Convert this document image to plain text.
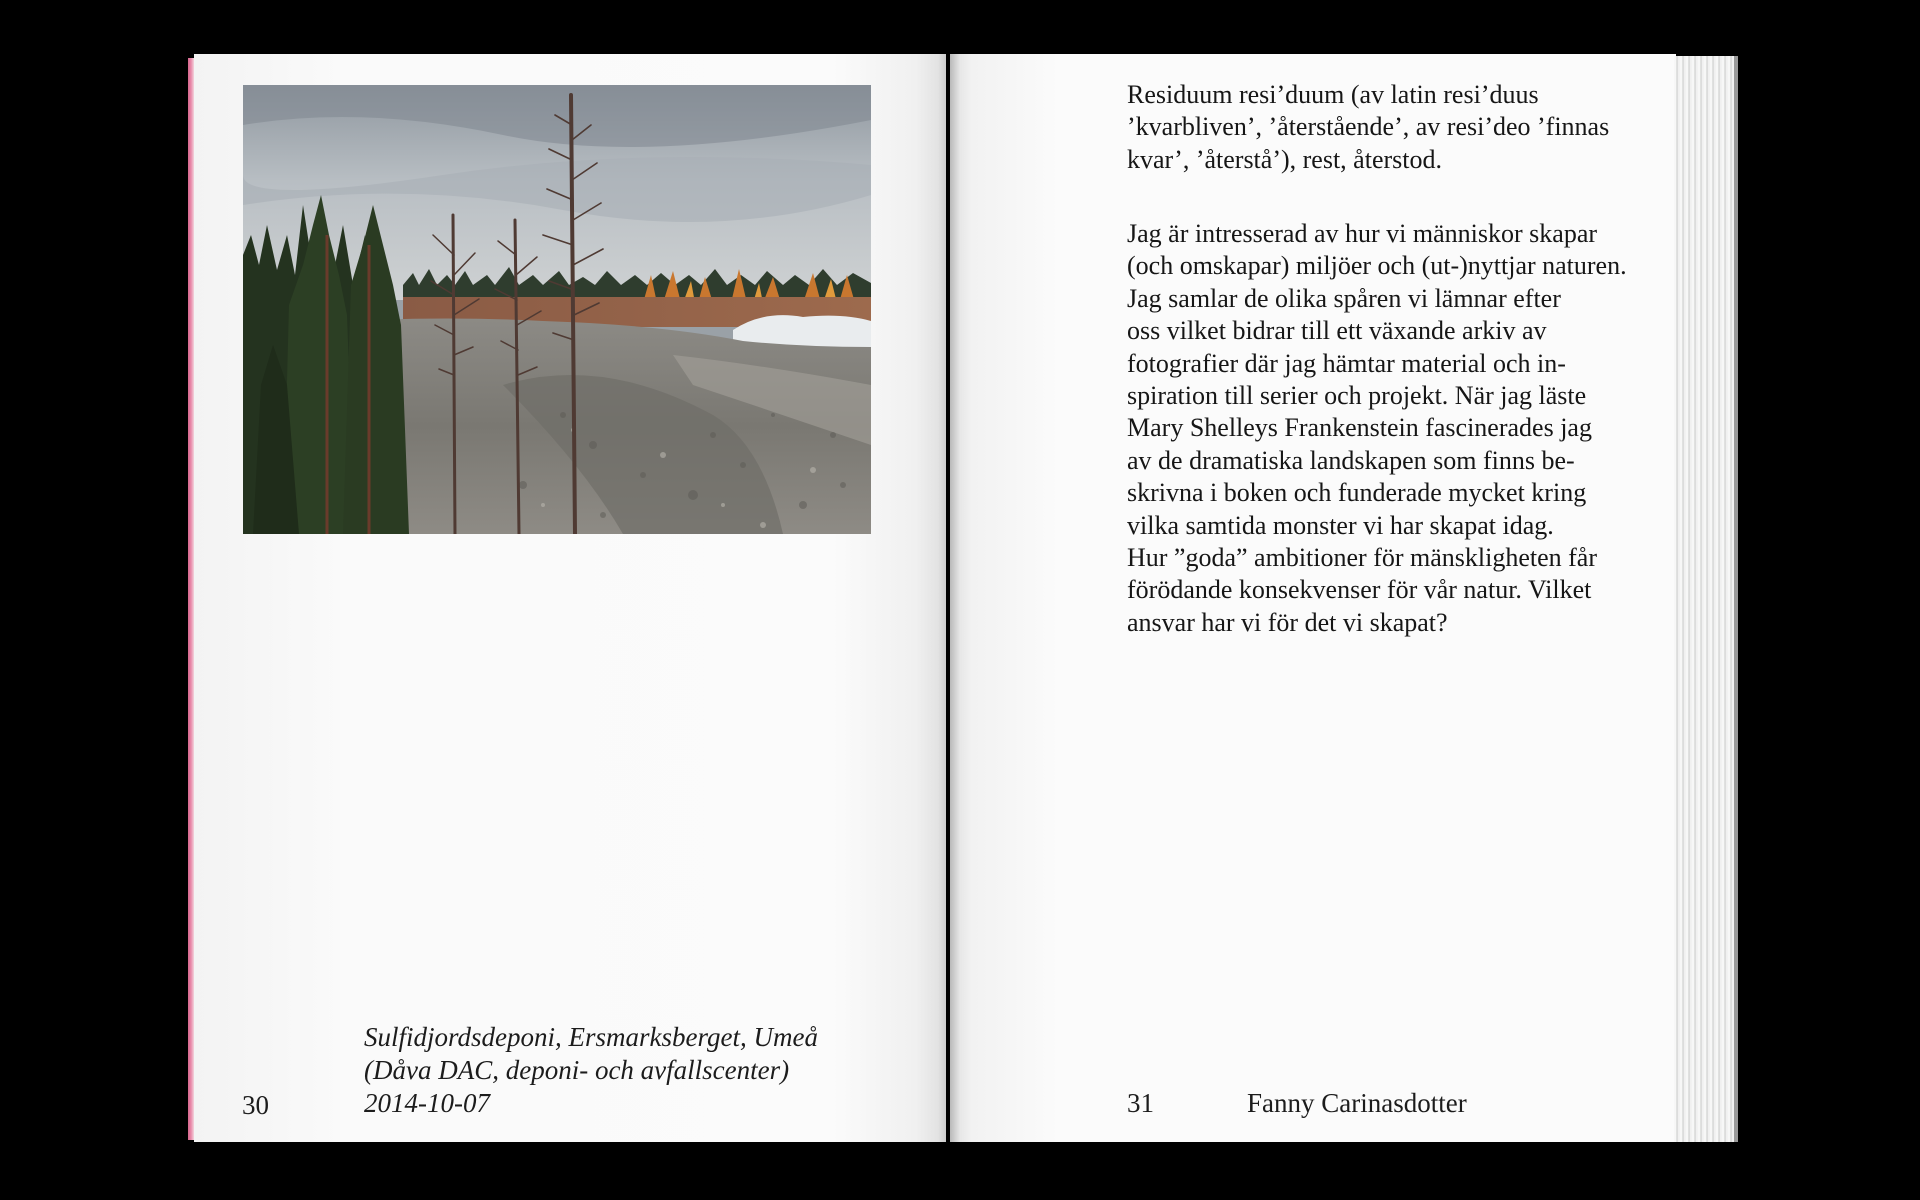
Sulfidjordsdeponi, Ersmarksberget, Umeå
(Dåva DAC, deponi- och avfallscenter)
2014-10-07
30
Residuum resi’duum (av latin resi’duus
’kvarbliven’, ’återstående’, av resi’deo ’finnas
kvar’, ’återstå’), rest, återstod.
Jag är intresserad av hur vi människor skapar
(och omskapar) miljöer och (ut-)nyttjar naturen.
Jag samlar de olika spåren vi lämnar efter
oss vilket bidrar till ett växande arkiv av
fotografier där jag hämtar material och in-
spiration till serier och projekt. När jag läste
Mary Shelleys Frankenstein fascinerades jag
av de dramatiska landskapen som finns be-
skrivna i boken och funderade mycket kring
vilka samtida monster vi har skapat idag.
Hur ”goda” ambitioner för mänskligheten får
förödande konsekvenser för vår natur. Vilket
ansvar har vi för det vi skapat?
31	Fanny Carinasdotter
